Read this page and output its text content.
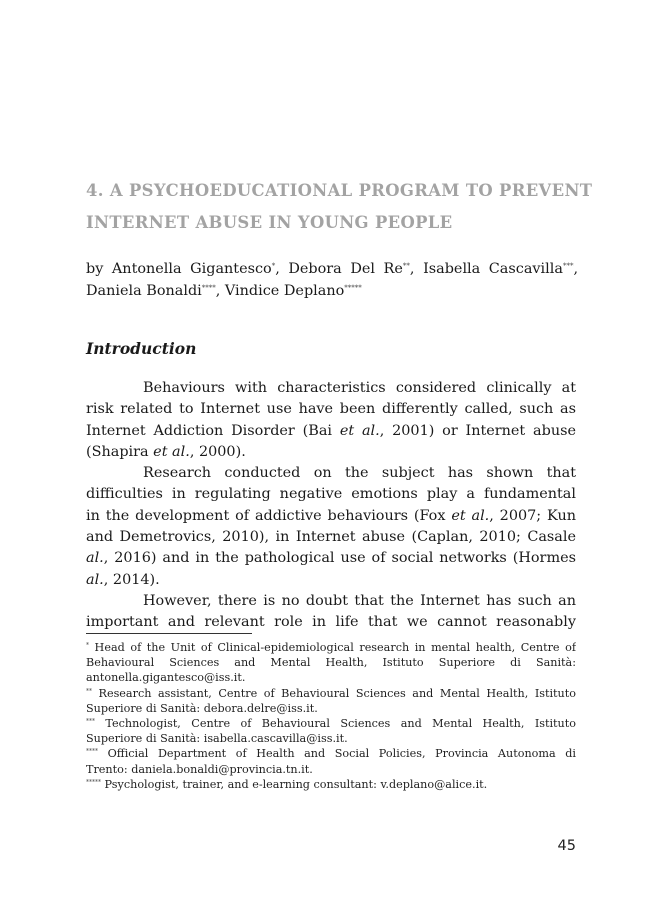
4. A PSYCHOEDUCATIONAL PROGRAM TO PREVENT
INTERNET ABUSE IN YOUNG PEOPLE
by Antonella Gigantesco*, Debora Del Re**, Isabella Cascavilla***,
Daniela Bonaldi****, Vindice Deplano*****
Introduction
Behaviours with characteristics considered clinically at
risk related to Internet use have been differently called, such as
Internet Addiction Disorder (Bai et al., 2001) or Internet abuse
(Shapira et al., 2000).
Research conducted on the subject has shown that
difficulties in regulating negative emotions play a fundamental
in the development of addictive behaviours (Fox et al., 2007; Kun
and Demetrovics, 2010), in Internet abuse (Caplan, 2010; Casale
al., 2016) and in the pathological use of social networks (Hormes
al., 2014).
However, there is no doubt that the Internet has such an
important and relevant role in life that we cannot reasonably
* Head of the Unit of Clinical-epidemiological research in mental health, Centre of
Behavioural Sciences and Mental Health, Istituto Superiore di Sanità:
antonella.gigantesco@iss.it.
** Research assistant, Centre of Behavioural Sciences and Mental Health, Istituto
Superiore di Sanità: debora.delre@iss.it.
*** Technologist, Centre of Behavioural Sciences and Mental Health, Istituto
Superiore di Sanità: isabella.cascavilla@iss.it.
**** Official Department of Health and Social Policies, Provincia Autonoma di
Trento: daniela.bonaldi@provincia.tn.it.
***** Psychologist, trainer, and e-learning consultant: v.deplano@alice.it.
45
